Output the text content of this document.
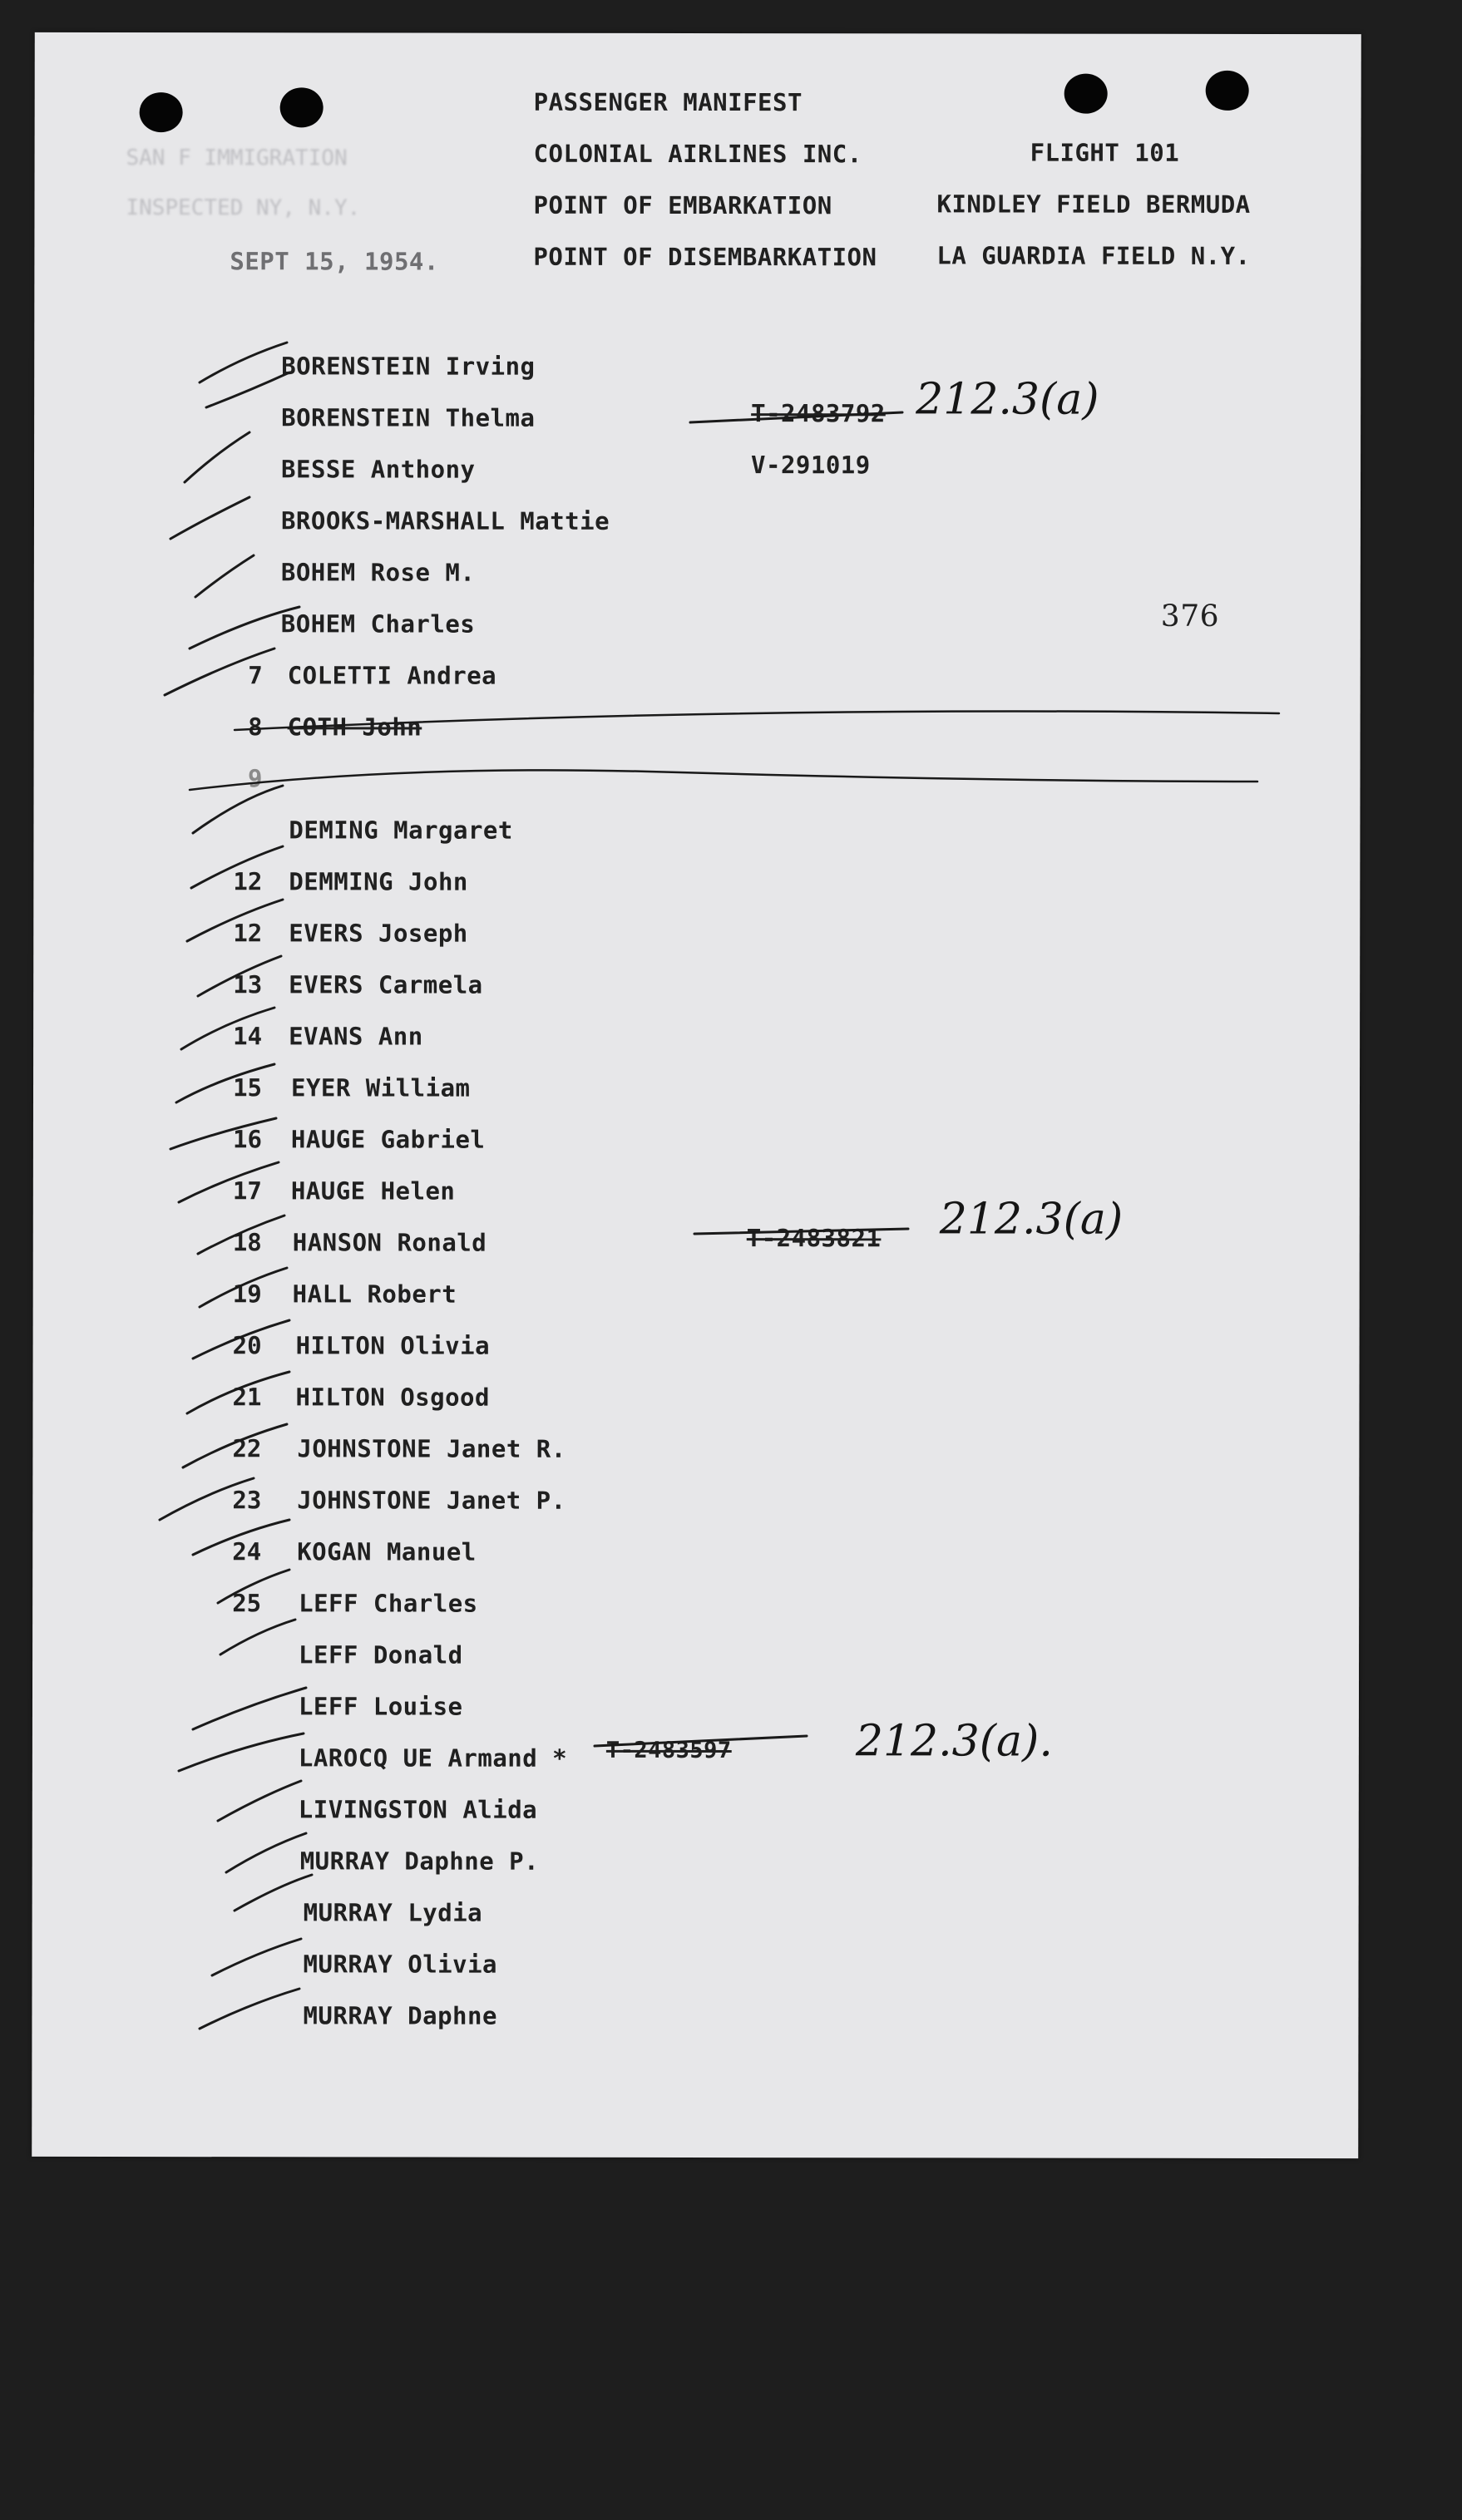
SAN F IMMIGRATION
INSPECTED NY, N.Y.
SEPT 15, 1954.
PASSENGER MANIFEST
COLONIAL AIRLINES INC.
POINT OF EMBARKATION
POINT OF DISEMBARKATION
FLIGHT 101
KINDLEY FIELD BERMUDA
LA GUARDIA FIELD N.Y.
376
BORENSTEIN Irving
BORENSTEIN Thelma	T-2483792 212.3(a)
BESSE Anthony	V-291019
BROOKS-MARSHALL Mattie
BOHEM Rose M.
BOHEM Charles
7 COLETTI Andrea
8 COTH John
9
DEMING Margaret
12 DEMMING John
12 EVERS Joseph
13 EVERS Carmela
14 EVANS Ann
15 EYER William
16 HAUGE Gabriel
17 HAUGE Helen
18 HANSON Ronald	T-2483821 212.3(a)
19 HALL Robert
20 HILTON Olivia
21 HILTON Osgood
22 JOHNSTONE Janet R.
23 JOHNSTONE Janet P.
24 KOGAN Manuel
25 LEFF Charles
LEFF Donald
LEFF Louise
LAROCQ UE Armand * T-2483597	212.3(a).
LIVINGSTON Alida
MURRAY Daphne P.
MURRAY Lydia
MURRAY Olivia
MURRAY Daphne
